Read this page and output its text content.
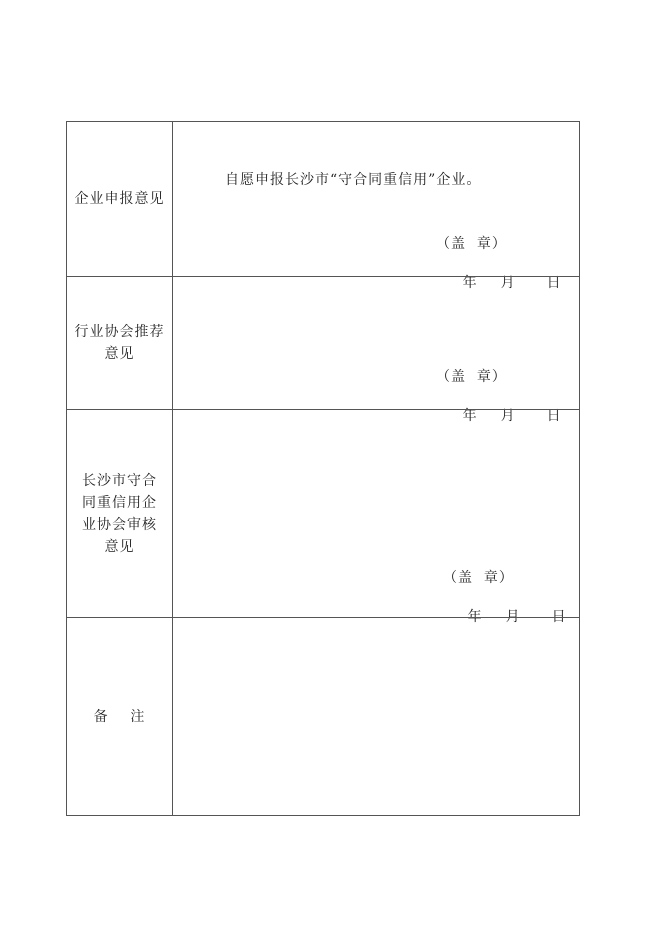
企业申报意见
自愿申报长沙市“守合同重信用”企业。
（盖  章）

年 月 日

行业协会推荐
意见
（盖  章）

年 月 日

长沙市守合
同重信用企
业协会审核
意见
（盖  章）

年 月 日

备    注
